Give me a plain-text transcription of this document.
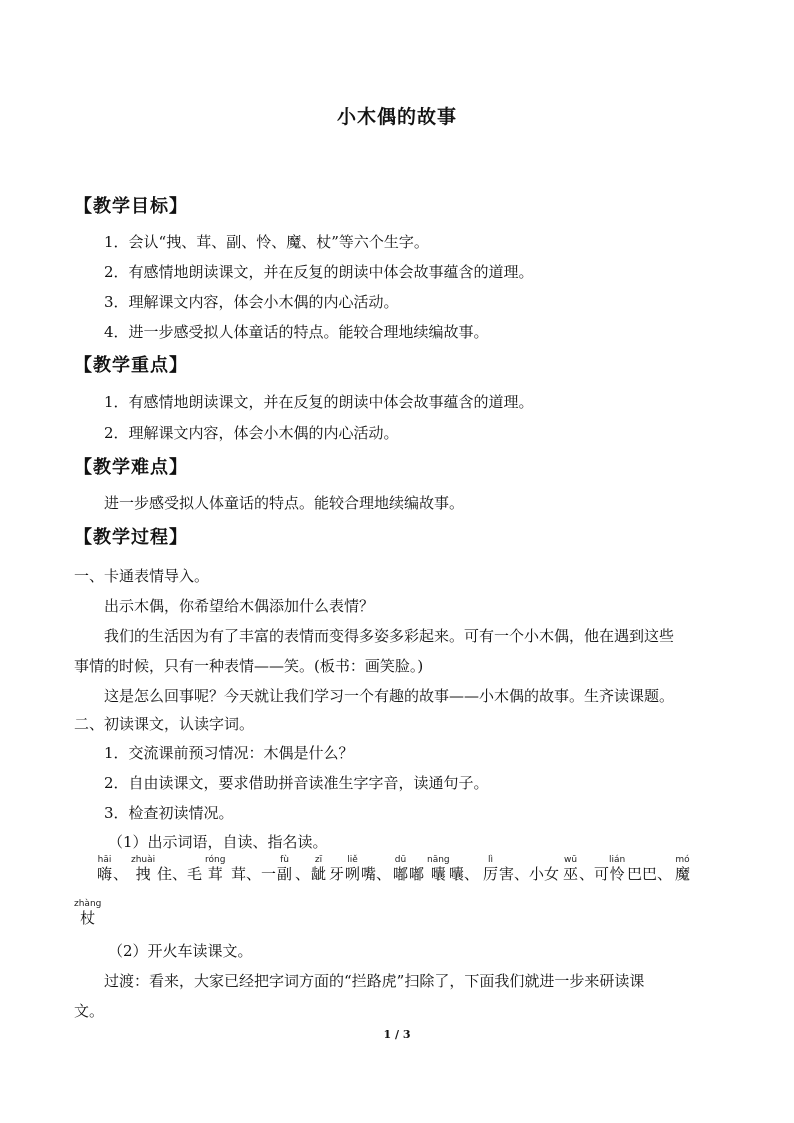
小木偶的故事
【教学目标】
1．会认“拽、茸、副、怜、魔、杖”等六个生字。
2．有感情地朗读课文，并在反复的朗读中体会故事蕴含的道理。
3．理解课文内容，体会小木偶的内心活动。
4．进一步感受拟人体童话的特点。能较合理地续编故事。
【教学重点】
1．有感情地朗读课文，并在反复的朗读中体会故事蕴含的道理。
2．理解课文内容，体会小木偶的内心活动。
【教学难点】
进一步感受拟人体童话的特点。能较合理地续编故事。
【教学过程】
一、卡通表情导入。
出示木偶，你希望给木偶添加什么表情？
我们的生活因为有了丰富的表情而变得多姿多彩起来。可有一个小木偶，他在遇到这些
事情的时候，只有一种表情——笑。(板书：画笑脸。)
这是怎么回事呢？今天就让我们学习一个有趣的故事——小木偶的故事。生齐读课题。
二、初读课文，认读字词。
1．交流课前预习情况：木偶是什么？
2．自由读课文，要求借助拼音读准生字字音，读通句子。
3．检查初读情况。
（1）出示词语，自读、指名读。
hāi
嗨 、
zhuài
拽 住、毛
róng
茸 茸、一
fù
副 、
zī
龇 牙
liě
咧 嘴、
dū
嘟 嘟
nāng
囔 囔、
lì
厉 害、小女
wū
巫 、可
lián
怜 巴巴、
mó
魔
zhàng
杖
（2）开火车读课文。
过渡：看来，大家已经把字词方面的“拦路虎”扫除了，下面我们就进一步来研读课
文。
1 / 3
